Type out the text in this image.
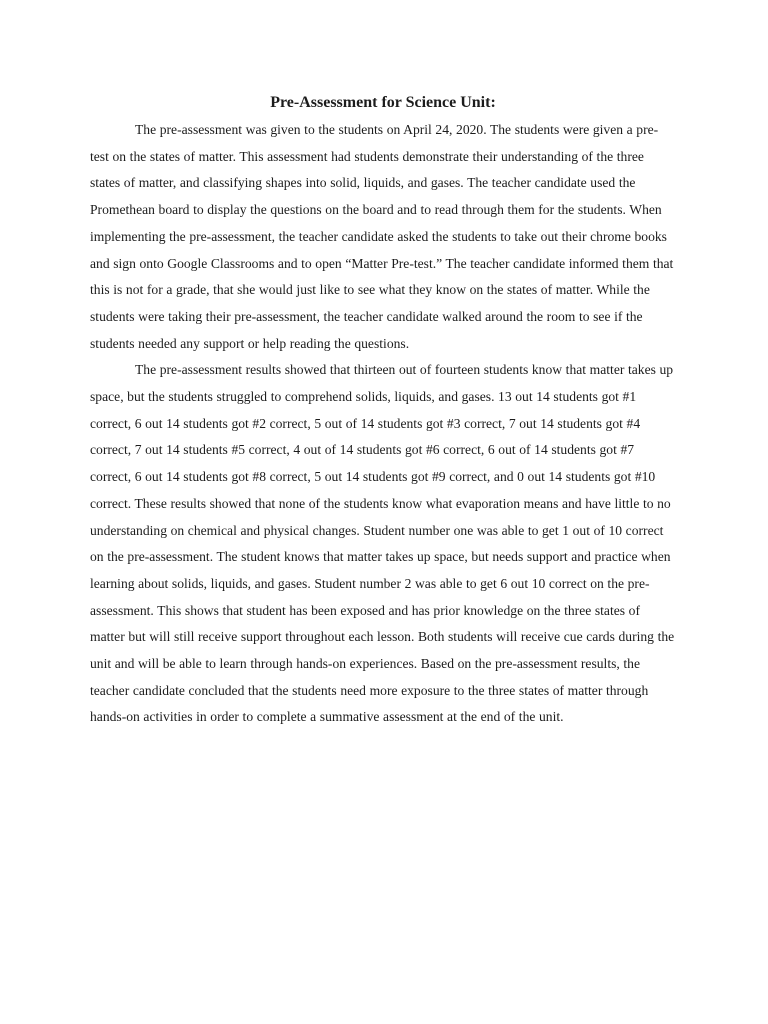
Pre-Assessment for Science Unit:

The pre-assessment was given to the students on April 24, 2020. The students were given a pre-test on the states of matter. This assessment had students demonstrate their understanding of the three states of matter, and classifying shapes into solid, liquids, and gases. The teacher candidate used the Promethean board to display the questions on the board and to read through them for the students. When implementing the pre-assessment, the teacher candidate asked the students to take out their chrome books and sign onto Google Classrooms and to open “Matter Pre-test.” The teacher candidate informed them that this is not for a grade, that she would just like to see what they know on the states of matter. While the students were taking their pre-assessment, the teacher candidate walked around the room to see if the students needed any support or help reading the questions.

The pre-assessment results showed that thirteen out of fourteen students know that matter takes up space, but the students struggled to comprehend solids, liquids, and gases. 13 out 14 students got #1 correct, 6 out 14 students got #2 correct, 5 out of 14 students got #3 correct, 7 out 14 students got #4 correct, 7 out 14 students #5 correct, 4 out of 14 students got #6 correct, 6 out of 14 students got #7 correct, 6 out 14 students got #8 correct, 5 out 14 students got #9 correct, and 0 out 14 students got #10 correct. These results showed that none of the students know what evaporation means and have little to no understanding on chemical and physical changes. Student number one was able to get 1 out of 10 correct on the pre-assessment. The student knows that matter takes up space, but needs support and practice when learning about solids, liquids, and gases. Student number 2 was able to get 6 out 10 correct on the pre-assessment. This shows that student has been exposed and has prior knowledge on the three states of matter but will still receive support throughout each lesson. Both students will receive cue cards during the unit and will be able to learn through hands-on experiences. Based on the pre-assessment results, the teacher candidate concluded that the students need more exposure to the three states of matter through hands-on activities in order to complete a summative assessment at the end of the unit.
